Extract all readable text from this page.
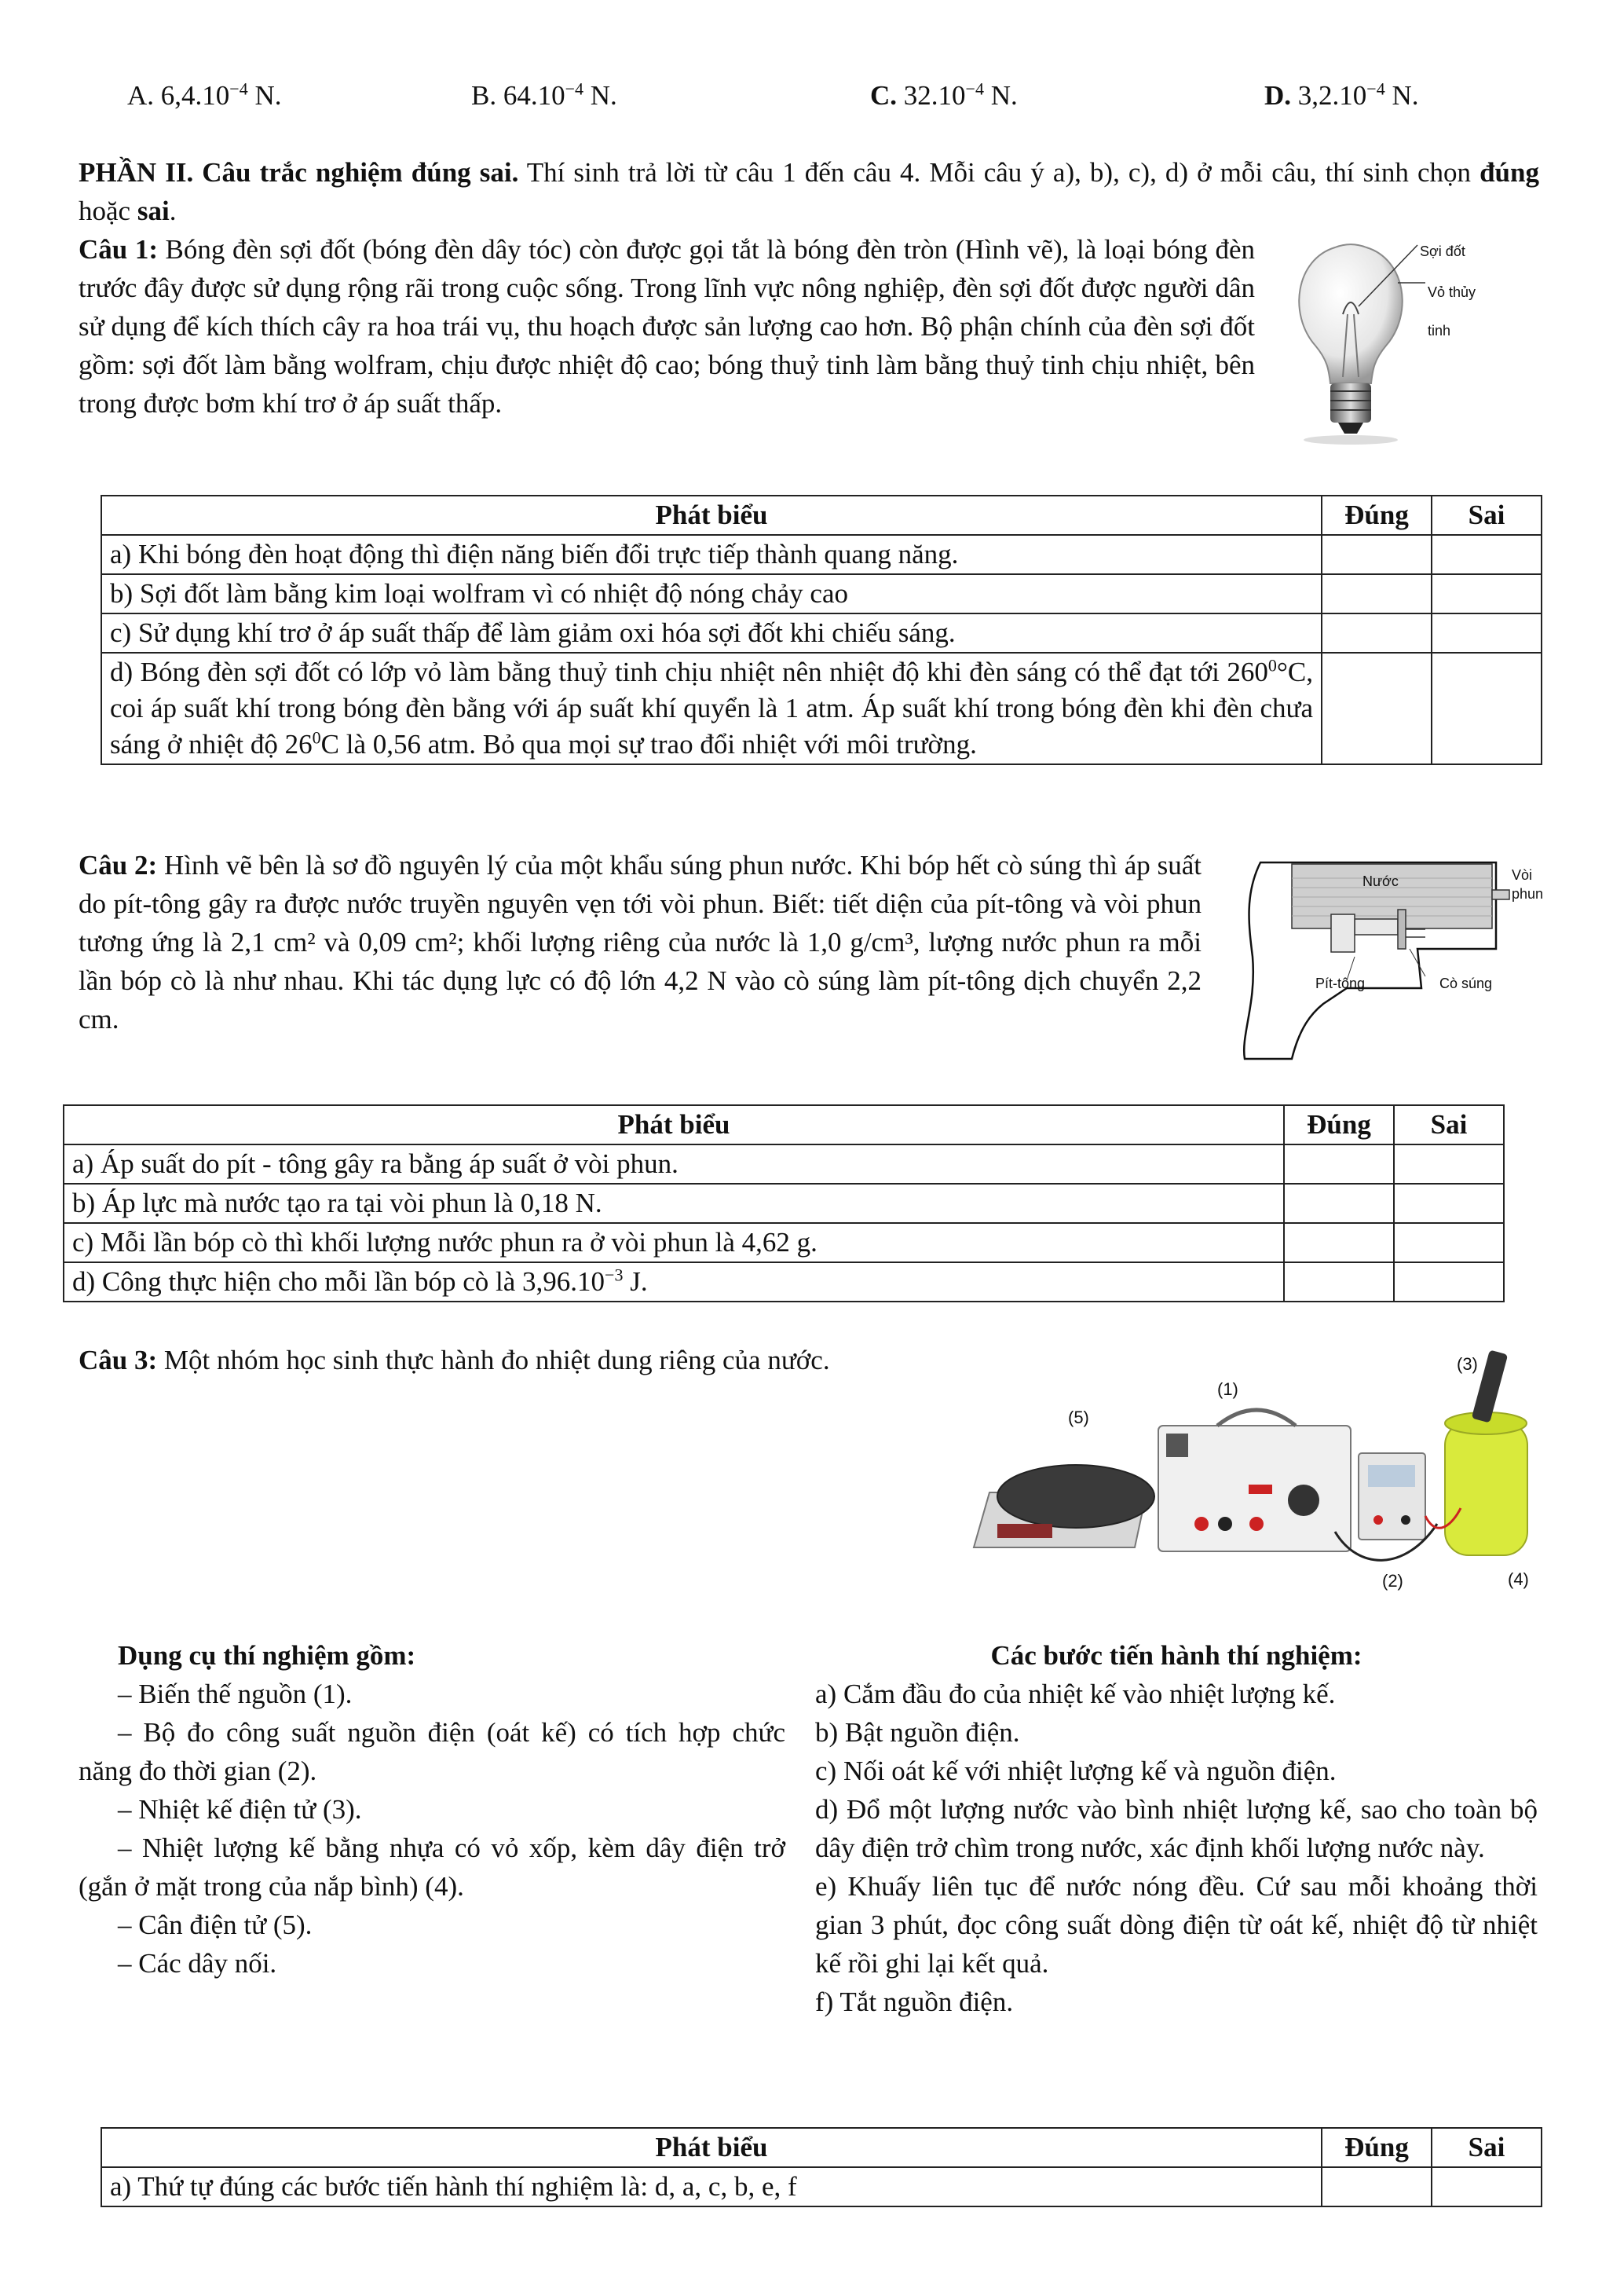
A. $6,4.10^{-4}$ N.	B. $64.10^{-4}$ N.	C. $32.10^{-4}$ N.	D. $3,2.10^{-4}$ N.
PHẦN II. Câu trắc nghiệm đúng sai. Thí sinh trả lời từ câu 1 đến câu 4. Mỗi câu ý a), b), c), d) ở mỗi câu, thí sinh chọn đúng hoặc sai.
Câu 1: Bóng đèn sợi đốt (bóng đèn dây tóc) còn được gọi tắt là bóng đèn tròn (Hình vẽ), là loại bóng đèn trước đây được sử dụng rộng rãi trong cuộc sống. Trong lĩnh vực nông nghiệp, đèn sợi đốt được người dân sử dụng để kích thích cây ra hoa trái vụ, thu hoạch được sản lượng cao hơn. Bộ phận chính của đèn sợi đốt gồm: sợi đốt làm bằng wolfram, chịu được nhiệt độ cao; bóng thuỷ tinh làm bằng thuỷ tinh chịu nhiệt, bên trong được bơm khí trơ ở áp suất thấp.
Sợi đốt
Vỏ thủy tinh
Phát biểu	Đúng	Sai
a) Khi bóng đèn hoạt động thì điện năng biến đổi trực tiếp thành quang năng.		
b) Sợi đốt làm bằng kim loại wolfram vì có nhiệt độ nóng chảy cao		
c) Sử dụng khí trơ ở áp suất thấp để làm giảm oxi hóa sợi đốt khi chiếu sáng.		
d) Bóng đèn sợi đốt có lớp vỏ làm bằng thuỷ tinh chịu nhiệt nên nhiệt độ khi đèn sáng có thể đạt tới $260^0^\circ C$, coi áp suất khí trong bóng đèn bằng với áp suất khí quyển là 1 atm. Áp suất khí trong bóng đèn khi đèn chưa sáng ở nhiệt độ $26^0C$ là 0,56 atm. Bỏ qua mọi sự trao đổi nhiệt với môi trường.		
Câu 2: Hình vẽ bên là sơ đồ nguyên lý của một khẩu súng phun nước. Khi bóp hết cò súng thì áp suất do pít-tông gây ra được nước truyền nguyên vẹn tới vòi phun. Biết: tiết diện của pít-tông và vòi phun tương ứng là 2,1 cm² và 0,09 cm²; khối lượng riêng của nước là 1,0 g/cm³, lượng nước phun ra mỗi lần bóp cò là như nhau. Khi tác dụng lực có độ lớn 4,2 N vào cò súng làm pít-tông dịch chuyển 2,2 cm.
Nước	Vòi
phun
Pít-tông	Cò súng
Phát biểu	Đúng	Sai
a) Áp suất do pít - tông gây ra bằng áp suất ở vòi phun.		
b) Áp lực mà nước tạo ra tại vòi phun là 0,18 N.		
c) Mỗi lần bóp cò thì khối lượng nước phun ra ở vòi phun là 4,62 g.		
d) Công thực hiện cho mỗi lần bóp cò là $3,96.10^{-3}$ J.		
Câu 3: Một nhóm học sinh thực hành đo nhiệt dung riêng của nước.
(1)
(2)
(3)
(4)
(5)
Dụng cụ thí nghiệm gồm:
– Biến thế nguồn (1).
– Bộ đo công suất nguồn điện (oát kế) có tích hợp chức năng đo thời gian (2).
– Nhiệt kế điện tử (3).
– Nhiệt lượng kế bằng nhựa có vỏ xốp, kèm dây điện trở (gắn ở mặt trong của nắp bình) (4).
– Cân điện tử (5).
– Các dây nối.
Các bước tiến hành thí nghiệm:
a) Cắm đầu đo của nhiệt kế vào nhiệt lượng kế.
b) Bật nguồn điện.
c) Nối oát kế với nhiệt lượng kế và nguồn điện.
d) Đổ một lượng nước vào bình nhiệt lượng kế, sao cho toàn bộ dây điện trở chìm trong nước, xác định khối lượng nước này.
e) Khuấy liên tục để nước nóng đều. Cứ sau mỗi khoảng thời gian 3 phút, đọc công suất dòng điện từ oát kế, nhiệt độ từ nhiệt kế rồi ghi lại kết quả.
f) Tắt nguồn điện.
Phát biểu	Đúng	Sai
a) Thứ tự đúng các bước tiến hành thí nghiệm là: d, a, c, b, e, f		
